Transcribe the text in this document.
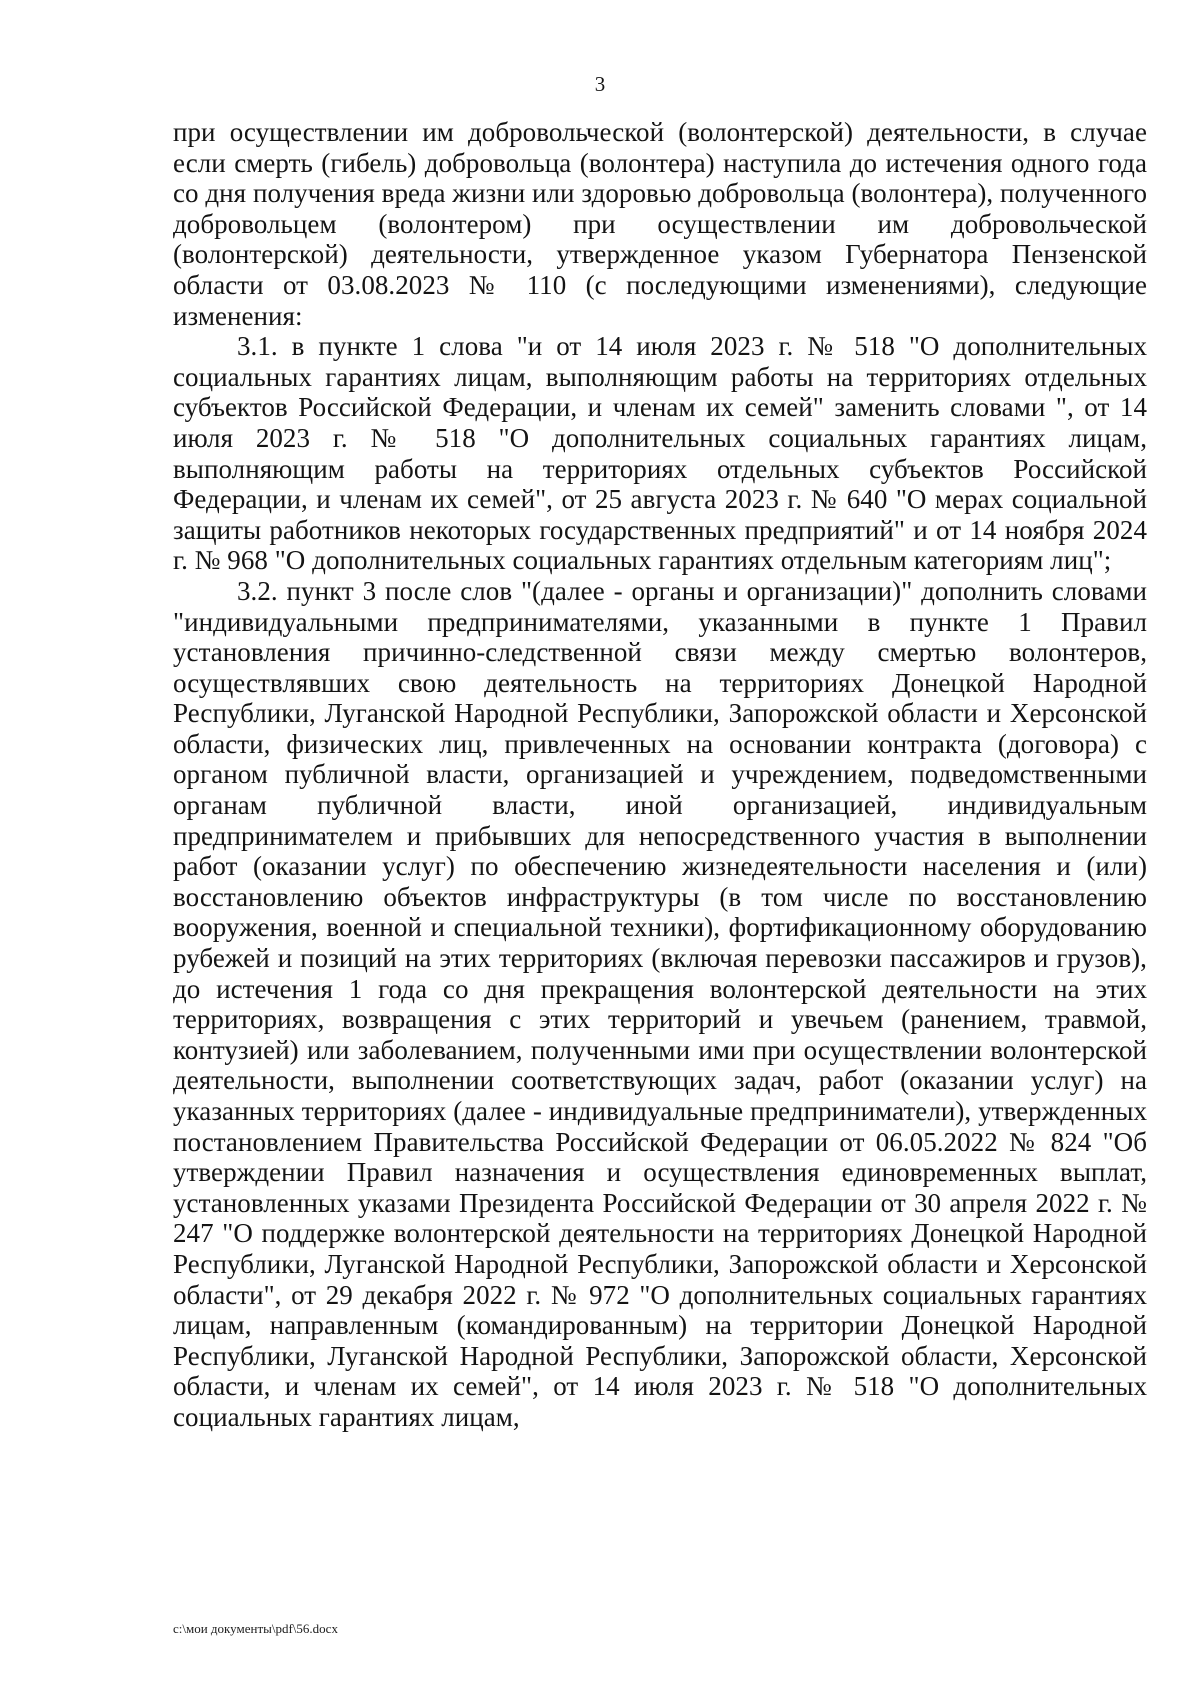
3

при осуществлении им добровольческой (волонтерской) деятельности, в случае если смерть (гибель) добровольца (волонтера) наступила до истечения одного года со дня получения вреда жизни или здоровью добровольца (волонтера), полученного добровольцем (волонтером) при осуществлении им добровольческой (волонтерской) деятельности, утвержденное указом Губернатора Пензенской области от 03.08.2023 № 110 (с последующими изменениями), следующие изменения:

3.1. в пункте 1 слова "и от 14 июля 2023 г. № 518 "О дополнительных социальных гарантиях лицам, выполняющим работы на территориях отдельных субъектов Российской Федерации, и членам их семей" заменить словами ", от 14 июля 2023 г. № 518 "О дополнительных социальных гарантиях лицам, выполняющим работы на территориях отдельных субъектов Российской Федерации, и членам их семей", от 25 августа 2023 г. № 640 "О мерах социальной защиты работников некоторых государственных предприятий" и от 14 ноября 2024 г. № 968 "О дополнительных социальных гарантиях отдельным категориям лиц";

3.2. пункт 3 после слов "(далее - органы и организации)" дополнить словами "индивидуальными предпринимателями, указанными в пункте 1 Правил установления причинно-следственной связи между смертью волонтеров, осуществлявших свою деятельность на территориях Донецкой Народной Республики, Луганской Народной Республики, Запорожской области и Херсонской области, физических лиц, привлеченных на основании контракта (договора) с органом публичной власти, организацией и учреждением, подведомственными органам публичной власти, иной организацией, индивидуальным предпринимателем и прибывших для непосредственного участия в выполнении работ (оказании услуг) по обеспечению жизнедеятельности населения и (или) восстановлению объектов инфраструктуры (в том числе по восстановлению вооружения, военной и специальной техники), фортификационному оборудованию рубежей и позиций на этих территориях (включая перевозки пассажиров и грузов), до истечения 1 года со дня прекращения волонтерской деятельности на этих территориях, возвращения с этих территорий и увечьем (ранением, травмой, контузией) или заболеванием, полученными ими при осуществлении волонтерской деятельности, выполнении соответствующих задач, работ (оказании услуг) на указанных территориях (далее - индивидуальные предприниматели), утвержденных постановлением Правительства Российской Федерации от 06.05.2022 № 824 "Об утверждении Правил назначения и осуществления единовременных выплат, установленных указами Президента Российской Федерации от 30 апреля 2022 г. № 247 "О поддержке волонтерской деятельности на территориях Донецкой Народной Республики, Луганской Народной Республики, Запорожской области и Херсонской области", от 29 декабря 2022 г. № 972 "О дополнительных социальных гарантиях лицам, направленным (командированным) на территории Донецкой Народной Республики, Луганской Народной Республики, Запорожской области, Херсонской области, и членам их семей", от 14 июля 2023 г. № 518 "О дополнительных социальных гарантиях лицам,

c:\мои документы\pdf\56.docx
